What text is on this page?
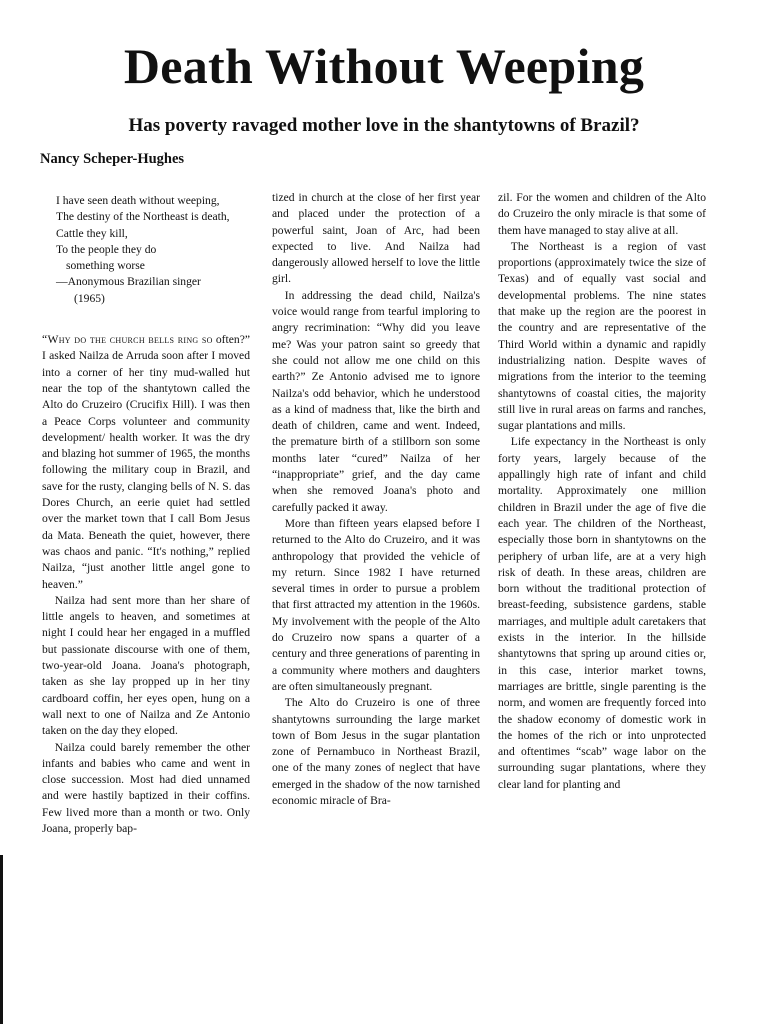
Death Without Weeping
Has poverty ravaged mother love in the shantytowns of Brazil?
Nancy Scheper-Hughes
I have seen death without weeping,
The destiny of the Northeast is death,
Cattle they kill,
To the people they do
something worse
—Anonymous Brazilian singer
(1965)

“Why do the church bells ring so often?” I asked Nailza de Arruda soon after I moved into a corner of her tiny mud-walled hut near the top of the shantytown called the Alto do Cruzeiro (Crucifix Hill). I was then a Peace Corps volunteer and community development/ health worker. It was the dry and blazing hot summer of 1965, the months following the military coup in Brazil, and save for the rusty, clanging bells of N. S. das Dores Church, an eerie quiet had settled over the market town that I call Bom Jesus da Mata. Beneath the quiet, however, there was chaos and panic. “It's nothing,” replied Nailza, “just another little angel gone to heaven.”

Nailza had sent more than her share of little angels to heaven, and sometimes at night I could hear her engaged in a muffled but passionate discourse with one of them, two-year-old Joana. Joana's photograph, taken as she lay propped up in her tiny cardboard coffin, her eyes open, hung on a wall next to one of Nailza and Ze Antonio taken on the day they eloped.

Nailza could barely remember the other infants and babies who came and went in close succession. Most had died unnamed and were hastily baptized in their coffins. Few lived more than a month or two. Only Joana, properly bap-

tized in church at the close of her first year and placed under the protection of a powerful saint, Joan of Arc, had been expected to live. And Nailza had dangerously allowed herself to love the little girl.

In addressing the dead child, Nailza's voice would range from tearful imploring to angry recrimination: “Why did you leave me? Was your patron saint so greedy that she could not allow me one child on this earth?” Ze Antonio advised me to ignore Nailza's odd behavior, which he understood as a kind of madness that, like the birth and death of children, came and went. Indeed, the premature birth of a stillborn son some months later “cured” Nailza of her “inappropriate” grief, and the day came when she removed Joana's photo and carefully packed it away.

More than fifteen years elapsed before I returned to the Alto do Cruzeiro, and it was anthropology that provided the vehicle of my return. Since 1982 I have returned several times in order to pursue a problem that first attracted my attention in the 1960s. My involvement with the people of the Alto do Cruzeiro now spans a quarter of a century and three generations of parenting in a community where mothers and daughters are often simultaneously pregnant.

The Alto do Cruzeiro is one of three shantytowns surrounding the large market town of Bom Jesus in the sugar plantation zone of Pernambuco in Northeast Brazil, one of the many zones of neglect that have emerged in the shadow of the now tarnished economic miracle of Bra-

zil. For the women and children of the Alto do Cruzeiro the only miracle is that some of them have managed to stay alive at all.

The Northeast is a region of vast proportions (approximately twice the size of Texas) and of equally vast social and developmental problems. The nine states that make up the region are the poorest in the country and are representative of the Third World within a dynamic and rapidly industrializing nation. Despite waves of migrations from the interior to the teeming shantytowns of coastal cities, the majority still live in rural areas on farms and ranches, sugar plantations and mills.

Life expectancy in the Northeast is only forty years, largely because of the appallingly high rate of infant and child mortality. Approximately one million children in Brazil under the age of five die each year. The children of the Northeast, especially those born in shantytowns on the periphery of urban life, are at a very high risk of death. In these areas, children are born without the traditional protection of breast-feeding, subsistence gardens, stable marriages, and multiple adult caretakers that exists in the interior. In the hillside shantytowns that spring up around cities or, in this case, interior market towns, marriages are brittle, single parenting is the norm, and women are frequently forced into the shadow economy of domestic work in the homes of the rich or into unprotected and oftentimes “scab” wage labor on the surrounding sugar plantations, where they clear land for planting and
